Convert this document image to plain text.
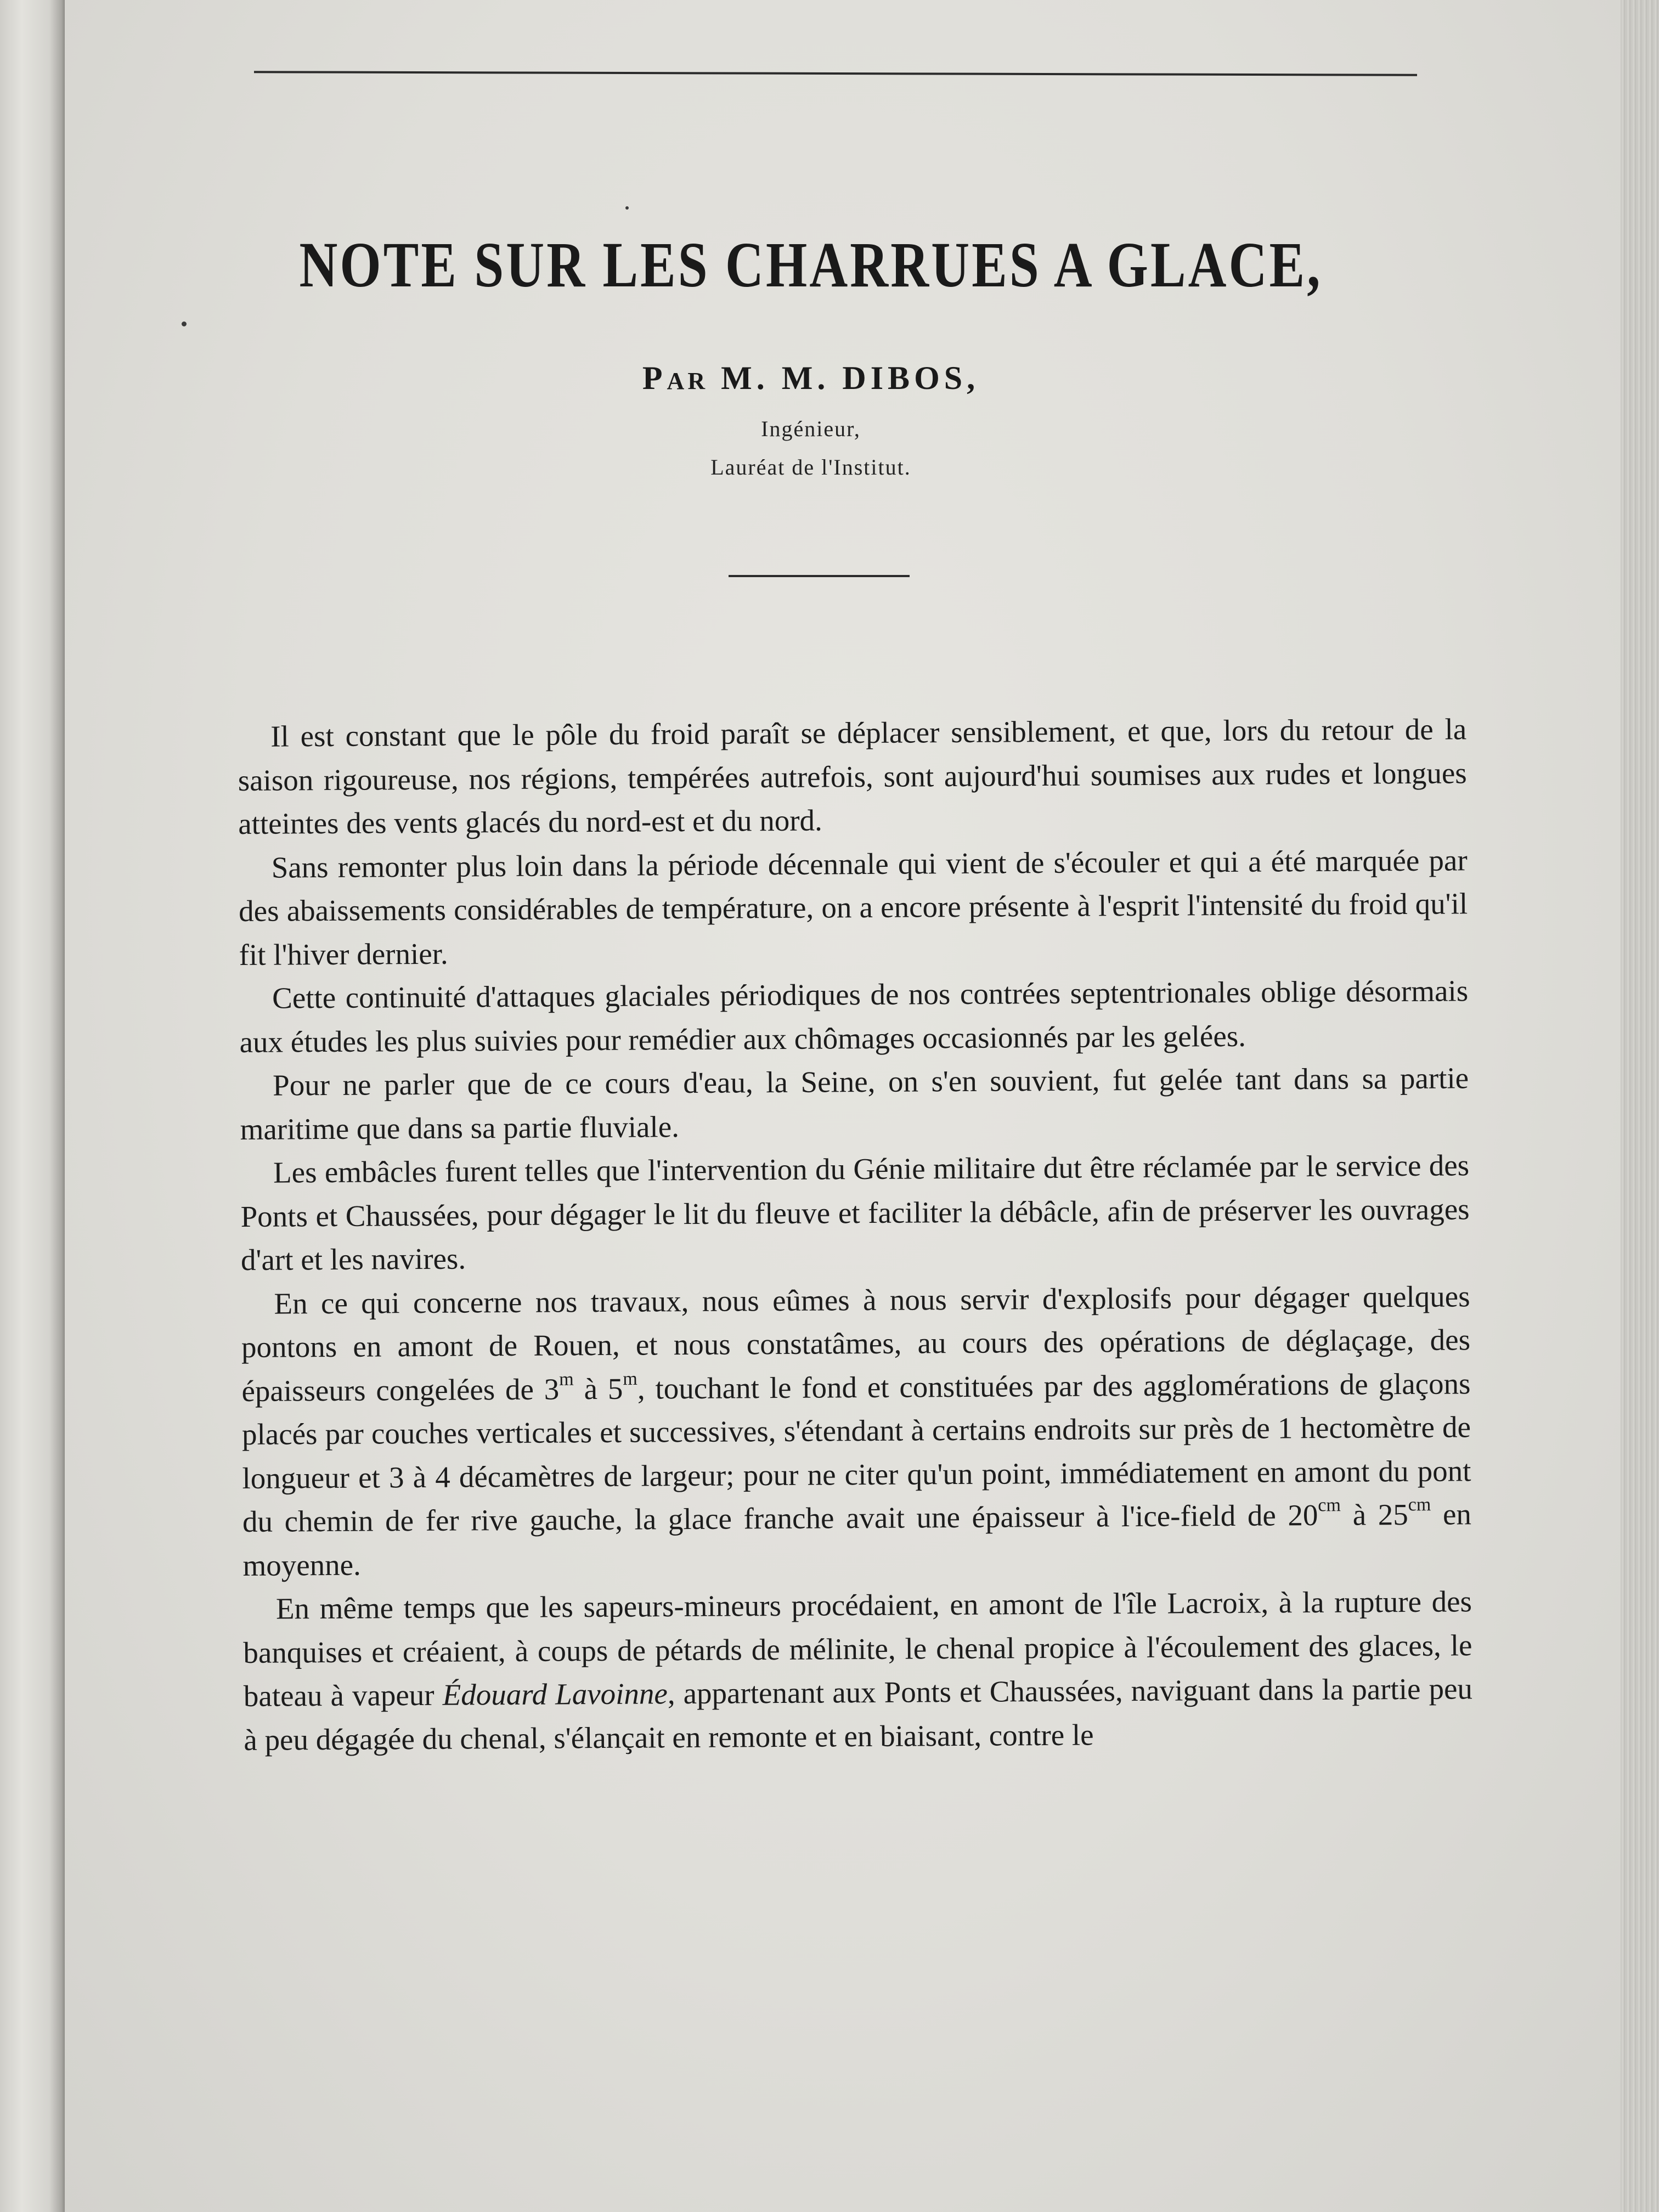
NOTE SUR LES CHARRUES A GLACE,
PAR M. M. DIBOS,
Ingénieur,
Lauréat de l'Institut.

Il est constant que le pôle du froid paraît se déplacer sensiblement, et que, lors du retour de la saison rigoureuse, nos régions, tempérées autrefois, sont aujourd'hui soumises aux rudes et longues atteintes des vents glacés du nord-est et du nord.

Sans remonter plus loin dans la période décennale qui vient de s'écouler et qui a été marquée par des abaissements considérables de température, on a encore présente à l'esprit l'intensité du froid qu'il fit l'hiver dernier.

Cette continuité d'attaques glaciales périodiques de nos contrées septentrionales oblige désormais aux études les plus suivies pour remédier aux chômages occasionnés par les gelées.

Pour ne parler que de ce cours d'eau, la Seine, on s'en souvient, fut gelée tant dans sa partie maritime que dans sa partie fluviale.

Les embâcles furent telles que l'intervention du Génie militaire dut être réclamée par le service des Ponts et Chaussées, pour dégager le lit du fleuve et faciliter la débâcle, afin de préserver les ouvrages d'art et les navires.

En ce qui concerne nos travaux, nous eûmes à nous servir d'explosifs pour dégager quelques pontons en amont de Rouen, et nous constatâmes, au cours des opérations de déglaçage, des épaisseurs congelées de 3$^m$ à 5$^m$, touchant le fond et constituées par des agglomérations de glaçons placés par couches verticales et successives, s'étendant à certains endroits sur près de 1 hectomètre de longueur et 3 à 4 décamètres de largeur; pour ne citer qu'un point, immédiatement en amont du pont du chemin de fer rive gauche, la glace franche avait une épaisseur à l'ice-field de $20^{cm}$ à $25^{cm}$ en moyenne.

En même temps que les sapeurs-mineurs procédaient, en amont de l'île Lacroix, à la rupture des banquises et créaient, à coups de pétards de mélinite, le chenal propice à l'écoulement des glaces, le bateau à vapeur Édouard Lavoinne, appartenant aux Ponts et Chaussées, naviguant dans la partie peu à peu dégagée du chenal, s'élançait en remonte et en biaisant, contre le
